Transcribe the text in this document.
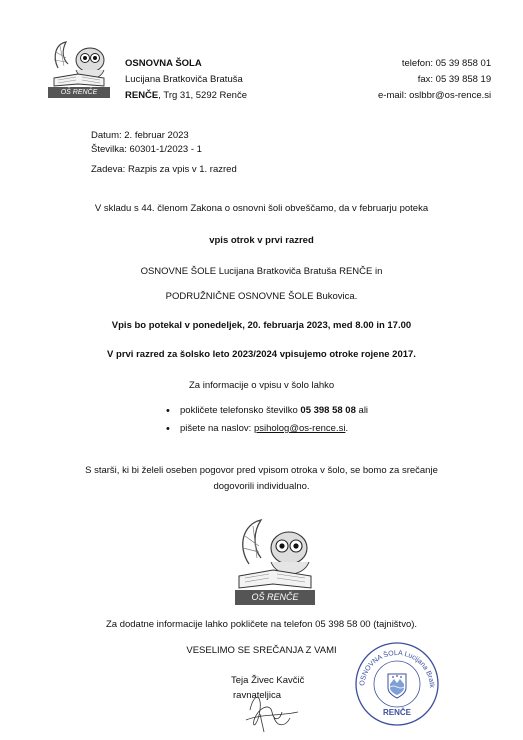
OŠ RENČE
OSNOVNA ŠOLA
Lucijana Bratkoviča Bratuša
RENČE, Trg 31, 5292 Renče
telefon: 05 39 858 01
fax: 05 39 858 19
e-mail: oslbbr@os-rence.si
Datum: 2. februar 2023
Številka: 60301-1/2023 - 1
Zadeva: Razpis za vpis v 1. razred
V skladu s 44. členom Zakona o osnovni šoli obveščamo, da v februarju poteka
vpis otrok v prvi razred
OSNOVNE ŠOLE Lucijana Bratkoviča Bratuša RENČE in
PODRUŽNIČNE OSNOVNE ŠOLE Bukovica.
Vpis bo potekal v ponedeljek, 20. februarja 2023, med 8.00 in 17.00
V prvi razred za šolsko leto 2023/2024 vpisujemo otroke rojene 2017.
Za informacije o vpisu v šolo lahko
• pokličete telefonsko številko 05 398 58 08 ali
• pišete na naslov: psiholog@os-rence.si.
S starši, ki bi želeli oseben pogovor pred vpisom otroka v šolo, se bomo za srečanje
dogovorili individualno.
OŠ RENČE
Za dodatne informacije lahko pokličete na telefon 05 398 58 00 (tajništvo).
VESELIMO SE SREČANJA Z VAMI
Teja Živec Kavčič
ravnateljica
OSNOVNA ŠOLA Lucijana Bratk
RENČE
